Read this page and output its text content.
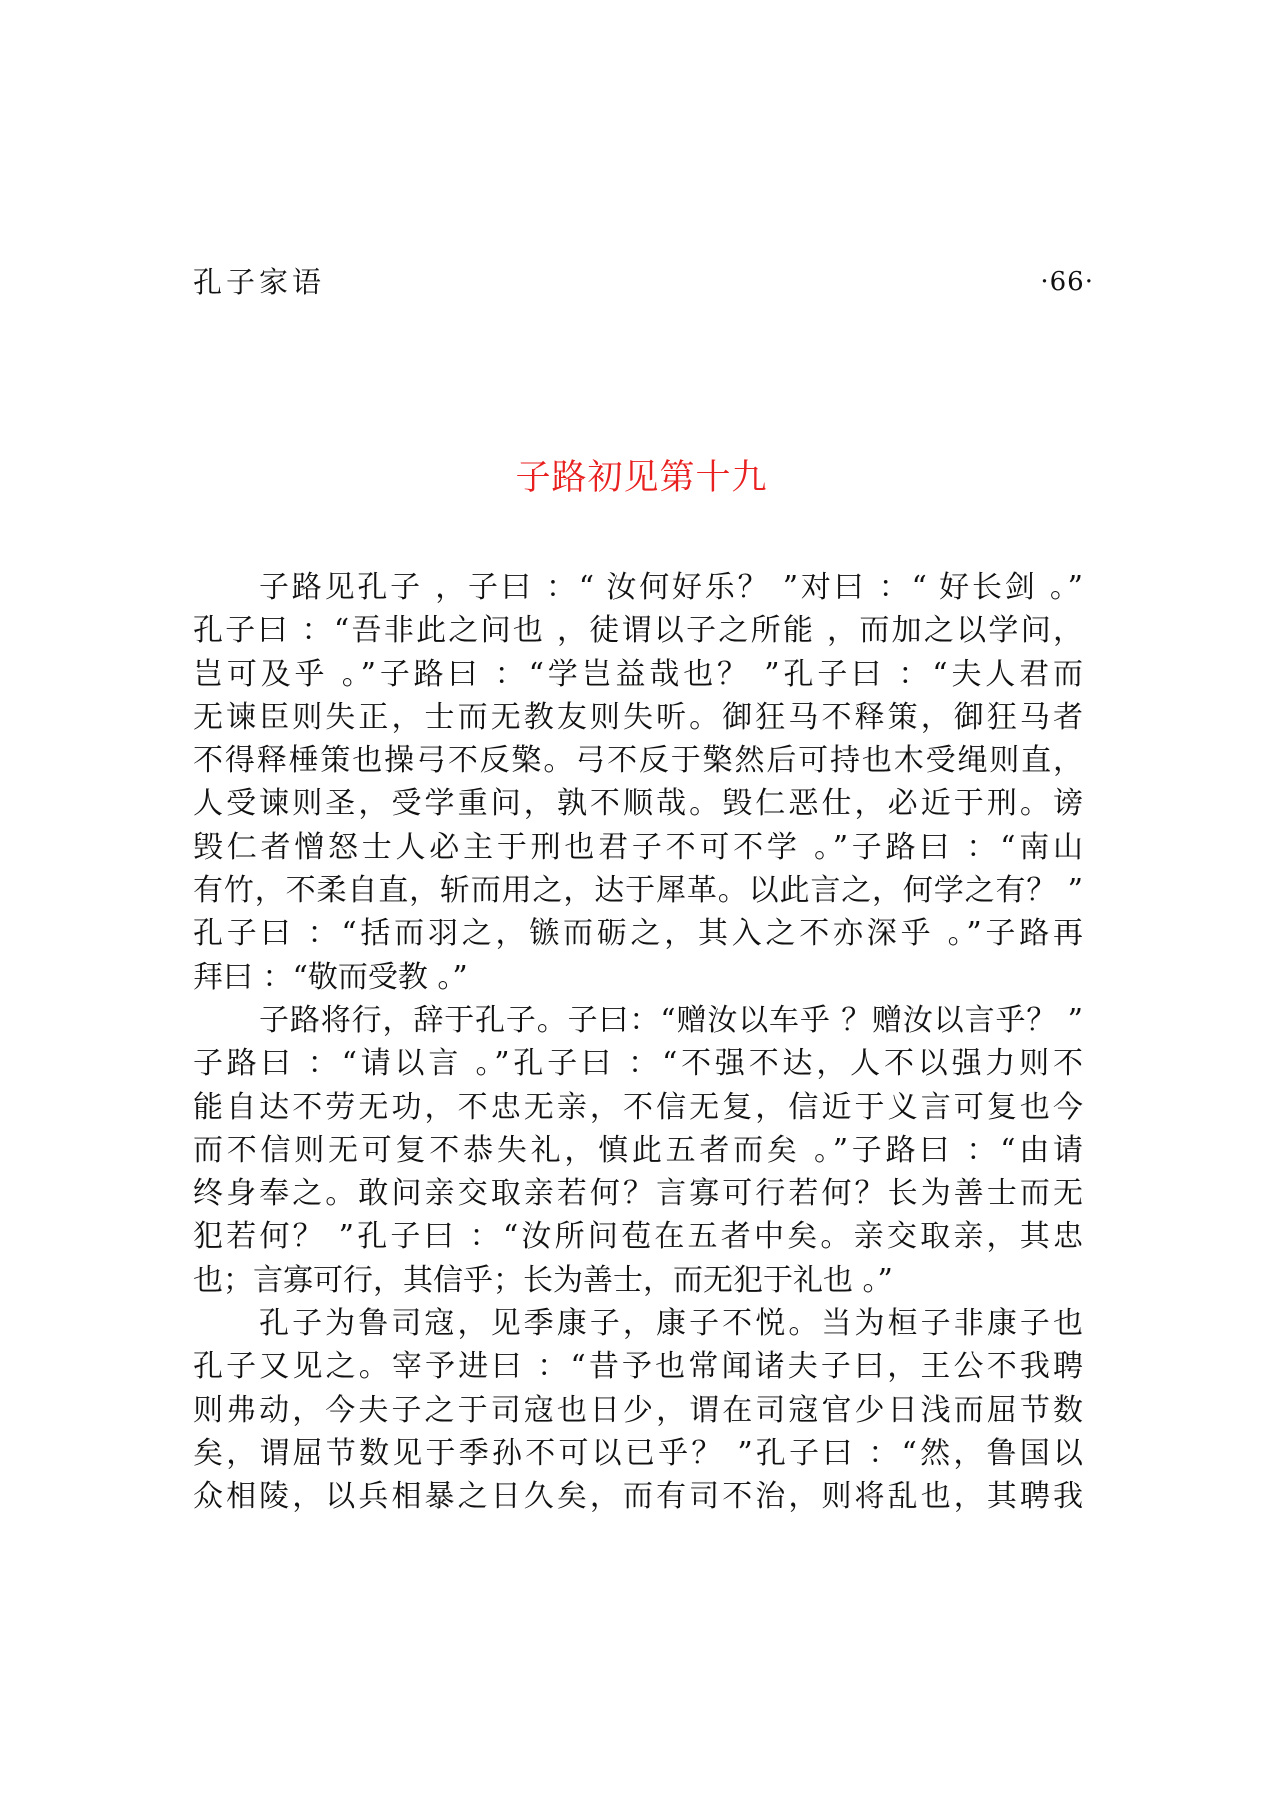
孔子家语	·66·
子路初见第十九
子路见孔子 ，子曰 ：“ 汝何好乐？ ”对曰 ：“ 好长剑 。”
孔子曰 ：“吾非此之问也 ，徒谓以子之所能 ，而加之以学问，
岂可及乎 。”子路曰 ：“学岂益哉也？ ”孔子曰 ：“夫人君而
无谏臣则失正，士而无教友则失听。御狂马不释策，御狂马者
不得释棰策也操弓不反檠。弓不反于檠然后可持也木受绳则直，
人受谏则圣，受学重问，孰不顺哉。毁仁恶仕，必近于刑。谤
毁仁者憎怒士人必主于刑也君子不可不学 。”子路曰 ：“南山
有竹，不柔自直，斩而用之，达于犀革。以此言之，何学之有？ ”
孔子曰 ：“括而羽之，镞而砺之，其入之不亦深乎 。”子路再
拜曰 ：“敬而受教 。”
子路将行，辞于孔子。子曰：“赠汝以车乎 ？赠汝以言乎？ ”
子路曰 ：“请以言 。”孔子曰 ：“不强不达，人不以强力则不
能自达不劳无功，不忠无亲，不信无复，信近于义言可复也今
而不信则无可复不恭失礼，慎此五者而矣 。”子路曰 ：“由请
终身奉之。敢问亲交取亲若何？言寡可行若何？长为善士而无
犯若何？ ”孔子曰 ：“汝所问苞在五者中矣。亲交取亲，其忠
也；言寡可行，其信乎；长为善士，而无犯于礼也 。”
孔子为鲁司寇，见季康子，康子不悦。当为桓子非康子也
孔子又见之。宰予进曰 ：“昔予也常闻诸夫子曰，王公不我聘
则弗动，今夫子之于司寇也日少，谓在司寇官少日浅而屈节数
矣，谓屈节数见于季孙不可以已乎？ ”孔子曰 ：“然，鲁国以
众相陵，以兵相暴之日久矣，而有司不治，则将乱也，其聘我
